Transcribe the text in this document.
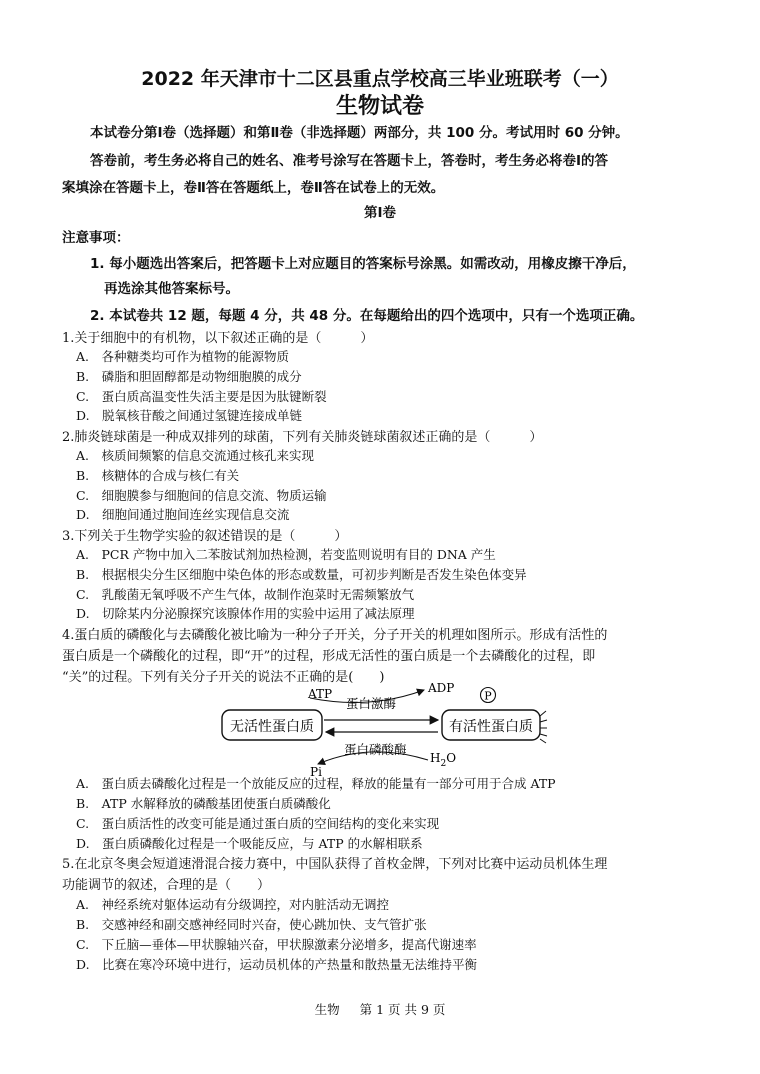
2022 年天津市十二区县重点学校高三毕业班联考（一）
生物试卷
本试卷分第Ⅰ卷（选择题）和第Ⅱ卷（非选择题）两部分，共 100 分。考试用时 60 分钟。
答卷前，考生务必将自己的姓名、准考号涂写在答题卡上，答卷时，考生务必将卷Ⅰ的答
案填涂在答题卡上，卷Ⅱ答在答题纸上，卷Ⅱ答在试卷上的无效。
第Ⅰ卷
注意事项：
1. 每小题选出答案后，把答题卡上对应题目的答案标号涂黑。如需改动，用橡皮擦干净后，
再选涂其他答案标号。
2. 本试卷共 12 题，每题 4 分，共 48 分。在每题给出的四个选项中，只有一个选项正确。
1.关于细胞中的有机物，以下叙述正确的是（　　　）
A.　各种糖类均可作为植物的能源物质
B.　磷脂和胆固醇都是动物细胞膜的成分
C.　蛋白质高温变性失活主要是因为肽键断裂
D.　脱氧核苷酸之间通过氢键连接成单链
2.肺炎链球菌是一种成双排列的球菌，下列有关肺炎链球菌叙述正确的是（　　　）
A.　核质间频繁的信息交流通过核孔来实现
B.　核糖体的合成与核仁有关
C.　细胞膜参与细胞间的信息交流、物质运输
D.　细胞间通过胞间连丝实现信息交流
3.下列关于生物学实验的叙述错误的是（　　　）
A.　PCR 产物中加入二苯胺试剂加热检测，若变监则说明有目的 DNA 产生
B.　根据根尖分生区细胞中染色体的形态或数量，可初步判断是否发生染色体变异
C.　乳酸菌无氧呼吸不产生气体，故制作泡菜时无需频繁放气
D.　切除某内分泌腺探究该腺体作用的实验中运用了减法原理
4.蛋白质的磷酸化与去磷酸化被比喻为一种分子开关，分子开关的机理如图所示。形成有活性的
蛋白质是一个磷酸化的过程，即“开”的过程，形成无活性的蛋白质是一个去磷酸化的过程，即
“关”的过程。下列有关分子开关的说法不正确的是(　　)
无活性蛋白质	有活性蛋白质
ATP	ADP
蛋白激酶	P
蛋白磷酸酶
Pi
$H_2O$
A.　蛋白质去磷酸化过程是一个放能反应的过程，释放的能量有一部分可用于合成 ATP
B.　ATP 水解释放的磷酸基团使蛋白质磷酸化
C.　蛋白质活性的改变可能是通过蛋白质的空间结构的变化来实现
D.　蛋白质磷酸化过程是一个吸能反应，与 ATP 的水解相联系
5.在北京冬奥会短道速滑混合接力赛中，中国队获得了首枚金牌，下列对比赛中运动员机体生理
功能调节的叙述，合理的是（　　）
A.　神经系统对躯体运动有分级调控，对内脏活动无调控
B.　交感神经和副交感神经同时兴奋，使心跳加快、支气管扩张
C.　下丘脑—垂体—甲状腺轴兴奋，甲状腺激素分泌增多，提高代谢速率
D.　比赛在寒冷环境中进行，运动员机体的产热量和散热量无法维持平衡
生物 第 1 页 共 9 页
